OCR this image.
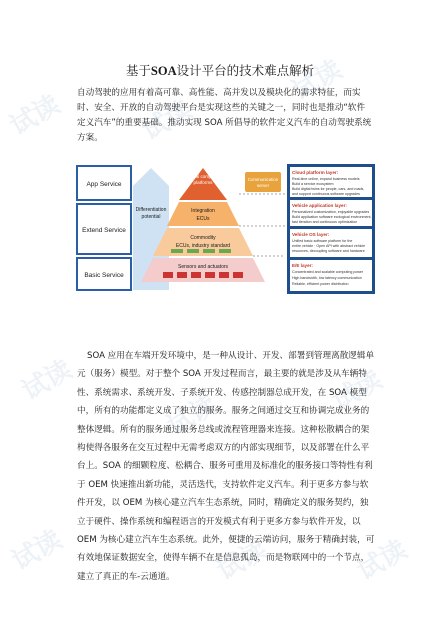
试读	试读
试读
试读
试读	试读
试读	试读	试读
基于SOA设计平台的技术难点解析
自动驾驶的应用有着高可靠、高性能、高并发以及模块化的需求特征，而实时、安全、开放的自动驾驶平台是实现这些的关键之一，同时也是推动“软件定义汽车”的重要基础。推动实现 SOA 所倡导的软件定义汽车的自动驾驶系统方案。
App Service
Extend Service
Basic Service
Differentiation
potential
Central computing
platforms
Communication
server
Integration
ECUs
Commodity
ECUs, industry standard
Sensors and actuators
Cloud platform layer:
Real-time online, expand business models
Build a service ecosystem
Build digital twins for people, cars, and roads,
and support continuous software upgrades
Vehicle application layer:
Personalized customization, enjoyable upgrades
Build application software ecological environment,
fast iteration and continuous optimization
Vehicle OS layer:
Unified basic software platform for the
entire vehicle · Open API with abstract vehicle
resources, decoupling software and hardware
E/E layer:
Concentrated and scalable computing power
High bandwidth, low latency communication
Reliable, efficient power distribution
SOA 应用在车端开发环境中，是一种从设计、开发、部署到管理离散逻辑单元（服务）模型。对于整个 SOA 开发过程而言，最主要的就是涉及从车辆特性、系统需求、系统开发、子系统开发、传感控制器总成开发，在 SOA 模型中，所有的功能都定义成了独立的服务。服务之间通过交互和协调完成业务的整体逻辑。所有的服务通过服务总线或流程管理器来连接。这种松散耦合的架构使得各服务在交互过程中无需考虑双方的内部实现细节，以及部署在什么平台上。SOA 的细颗粒度、松耦合、服务可重用及标准化的服务接口等特性有利于 OEM 快速推出新功能，灵活迭代，支持软件定义汽车。利于更多方参与软件开发，以 OEM 为核心建立汽车生态系统，同时，精确定义的服务契约，独立于硬件、操作系统和编程语言的开发模式有利于更多方参与软件开发，以 OEM 为核心建立汽车生态系统。此外，便捷的云端访问，服务于精确封装，可有效地保证数据安全，使得车辆不在是信息孤岛，而是物联网中的一个节点，建立了真正的车-云通道。
